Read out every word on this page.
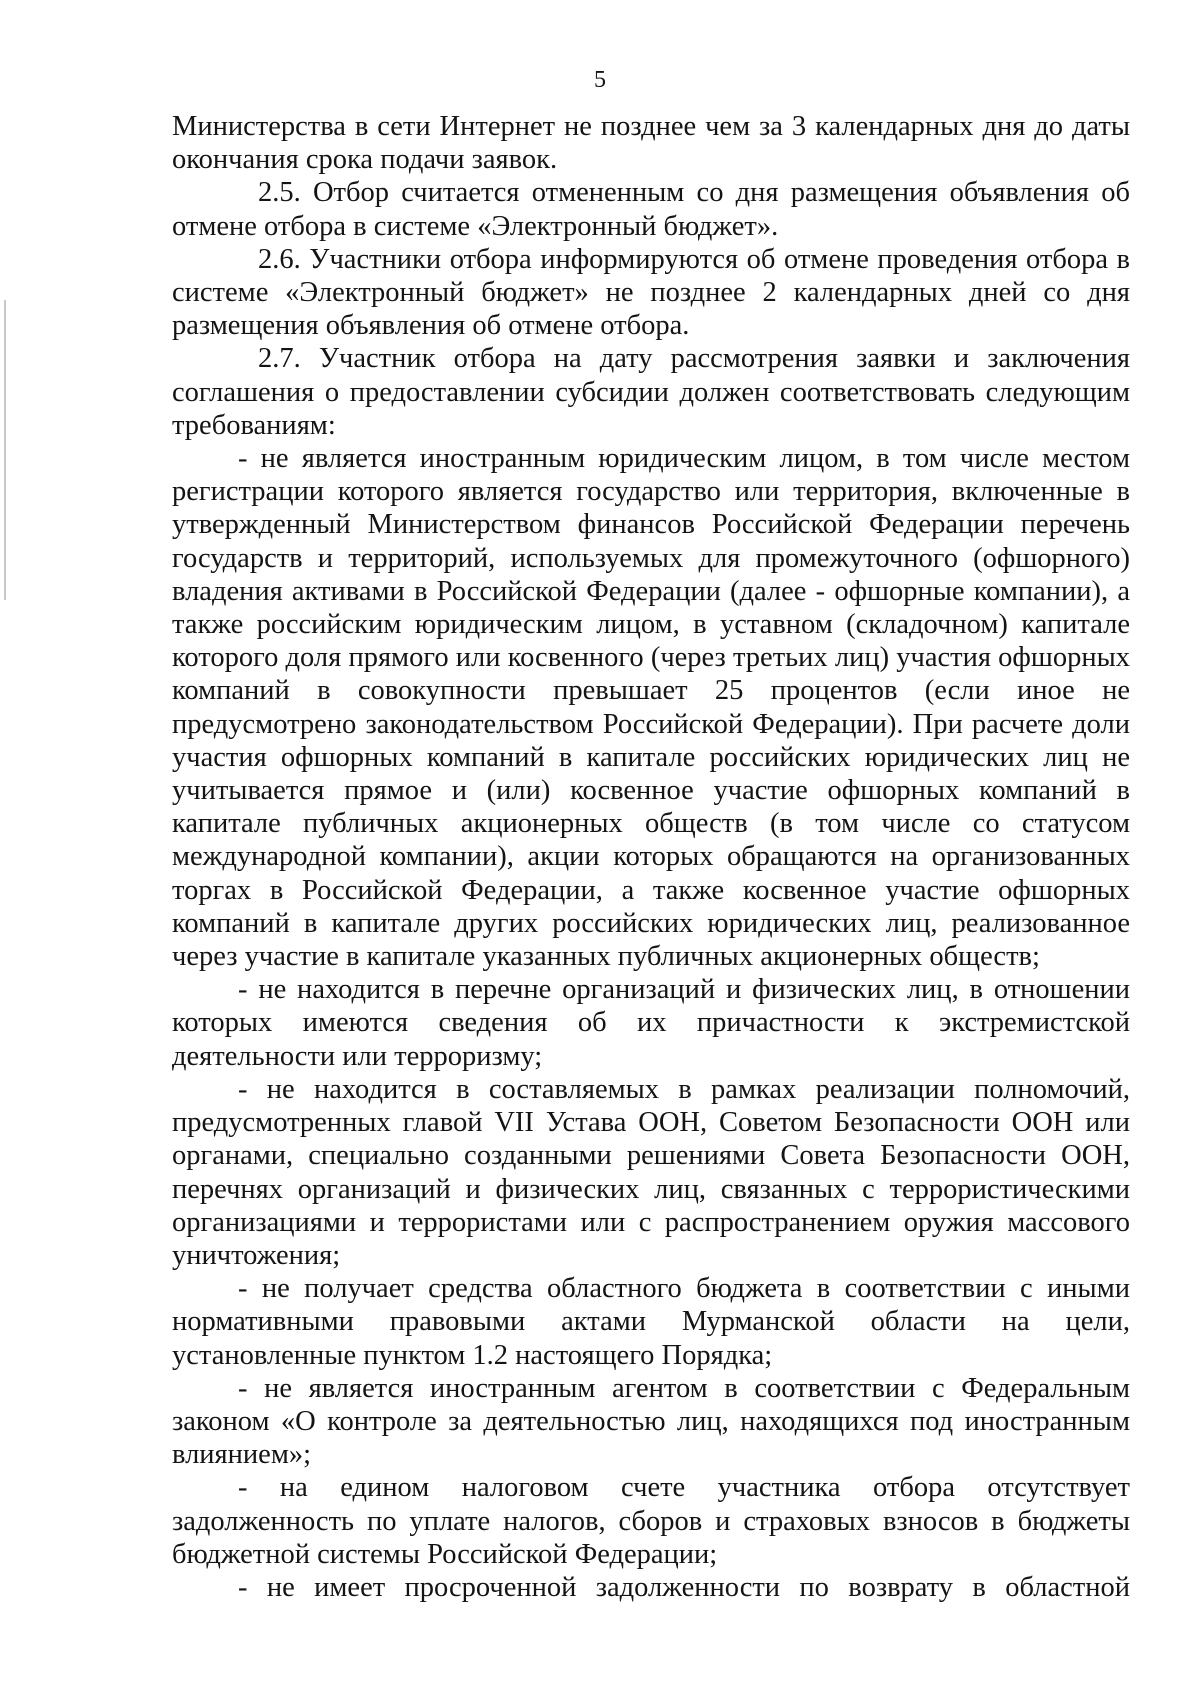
5

Министерства в сети Интернет не позднее чем за 3 календарных дня до даты окончания срока подачи заявок.

2.5. Отбор считается отмененным со дня размещения объявления об отмене отбора в системе «Электронный бюджет».

2.6. Участники отбора информируются об отмене проведения отбора в системе «Электронный бюджет» не позднее 2 календарных дней со дня размещения объявления об отмене отбора.

2.7. Участник отбора на дату рассмотрения заявки и заключения соглашения о предоставлении субсидии должен соответствовать следующим требованиям:

- не является иностранным юридическим лицом, в том числе местом регистрации которого является государство или территория, включенные в утвержденный Министерством финансов Российской Федерации перечень государств и территорий, используемых для промежуточного (офшорного) владения активами в Российской Федерации (далее - офшорные компании), а также российским юридическим лицом, в уставном (складочном) капитале которого доля прямого или косвенного (через третьих лиц) участия офшорных компаний в совокупности превышает 25 процентов (если иное не предусмотрено законодательством Российской Федерации). При расчете доли участия офшорных компаний в капитале российских юридических лиц не учитывается прямое и (или) косвенное участие офшорных компаний в капитале публичных акционерных обществ (в том числе со статусом международной компании), акции которых обращаются на организованных торгах в Российской Федерации, а также косвенное участие офшорных компаний в капитале других российских юридических лиц, реализованное через участие в капитале указанных публичных акционерных обществ;

- не находится в перечне организаций и физических лиц, в отношении которых имеются сведения об их причастности к экстремистской деятельности или терроризму;

- не находится в составляемых в рамках реализации полномочий, предусмотренных главой VII Устава ООН, Советом Безопасности ООН или органами, специально созданными решениями Совета Безопасности ООН, перечнях организаций и физических лиц, связанных с террористическими организациями и террористами или с распространением оружия массового уничтожения;

- не получает средства областного бюджета в соответствии с иными нормативными правовыми актами Мурманской области на цели, установленные пунктом 1.2 настоящего Порядка;

- не является иностранным агентом в соответствии с Федеральным законом «О контроле за деятельностью лиц, находящихся под иностранным влиянием»;

- на едином налоговом счете участника отбора отсутствует задолженность по уплате налогов, сборов и страховых взносов в бюджеты бюджетной системы Российской Федерации;

- не имеет просроченной задолженности по возврату в областной
